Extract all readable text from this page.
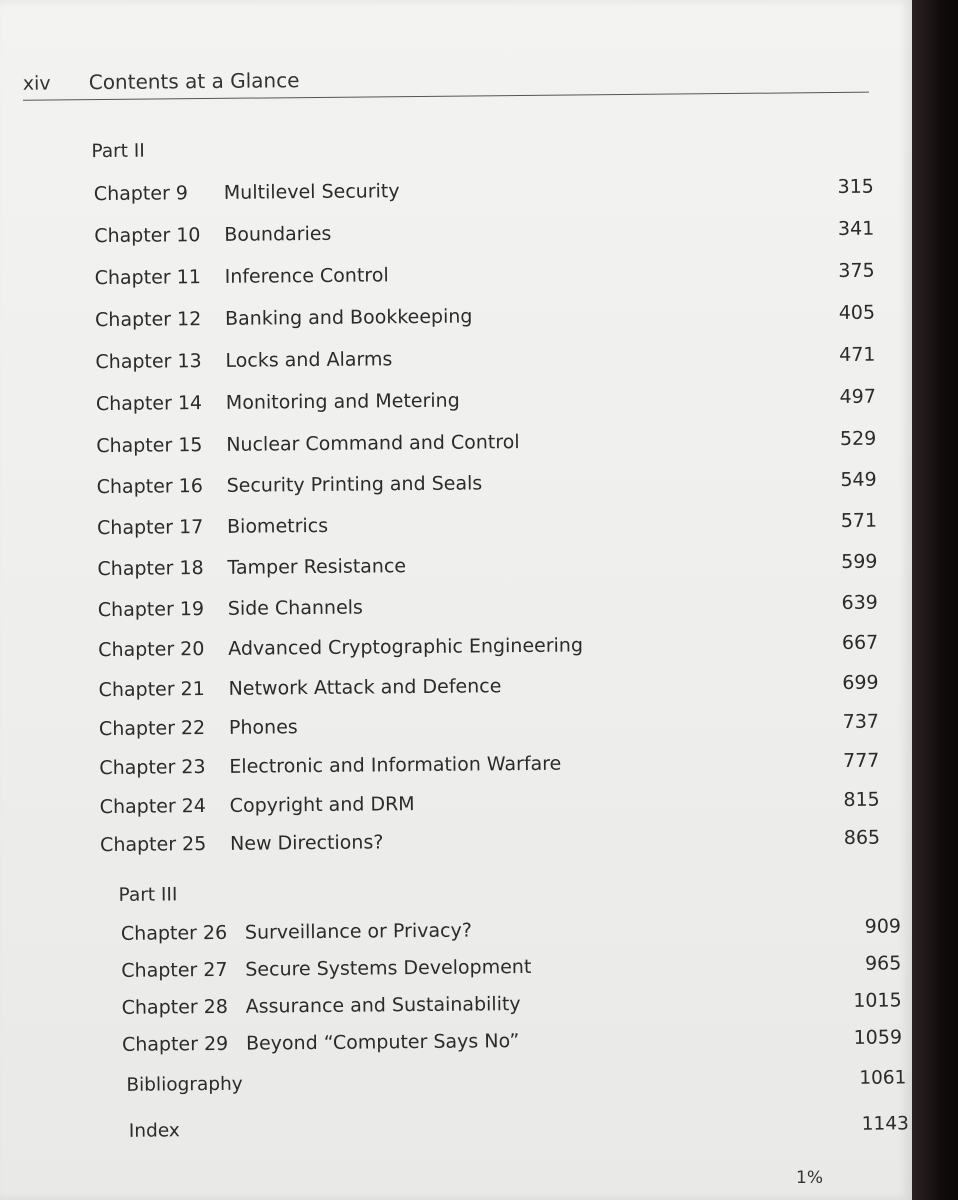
xiv Contents at a Glance
Part II
Chapter 9 Multilevel Security	315
Chapter 10 Boundaries	341
Chapter 11 Inference Control	375
Chapter 12 Banking and Bookkeeping	405
Chapter 13 Locks and Alarms	471
Chapter 14 Monitoring and Metering	497
Chapter 15 Nuclear Command and Control	529
Chapter 16 Security Printing and Seals	549
Chapter 17 Biometrics	571
Chapter 18 Tamper Resistance	599
Chapter 19 Side Channels	639
Chapter 20 Advanced Cryptographic Engineering	667
Chapter 21 Network Attack and Defence	699
Chapter 22 Phones	737
Chapter 23 Electronic and Information Warfare	777
Chapter 24 Copyright and DRM	815
Chapter 25 New Directions?	865
Part III
Chapter 26 Surveillance or Privacy?	909
Chapter 27 Secure Systems Development	965
Chapter 28 Assurance and Sustainability	1015
Chapter 29 Beyond “Computer Says No”	1059
Bibliography	1061
Index	1143
1%
